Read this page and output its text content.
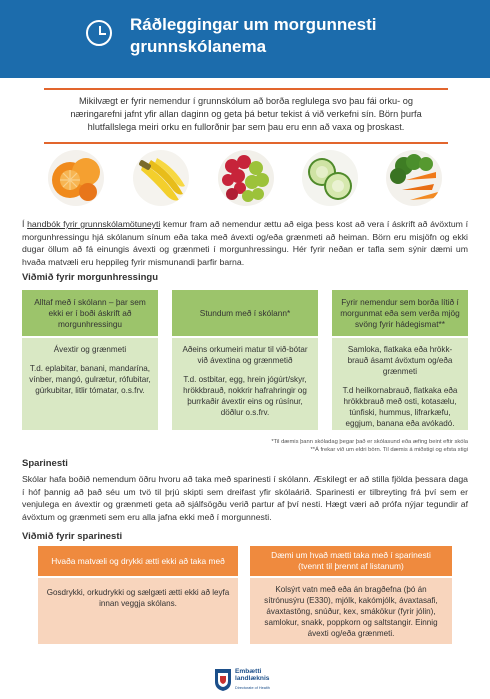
Ráðleggingar um morgunnesti grunnskólanema
Mikilvægt er fyrir nemendur í grunnskólum að borða reglulega svo þau fái orku- og næringarefni jafnt yfir allan daginn og geta þá betur tekist á við verkefni sín. Börn þurfa hlutfallslega meiri orku en fullorðnir þar sem þau eru enn að vaxa og þroskast.
Í handbók fyrir grunnskólamötuneyti kemur fram að nemendur ættu að eiga þess kost að vera í áskrift að ávöxtum í morgunhressingu hjá skólanum sínum eða taka með ávexti og/eða grænmeti að heiman. Börn eru misjöfn og ekki dugar öllum að fá einungis ávexti og grænmeti í morgunhressingu. Hér fyrir neðan er tafla sem sýnir dæmi um hvaða matvæli eru heppileg fyrir mismunandi þarfir barna.
Viðmið fyrir morgunhressingu
Alltaf með í skólann – þar sem ekki er í boði áskrift að morgunhressingu

Ávextir og grænmeti

T.d. eplabitar, banani, mandarína, vínber, mangó, gulrætur, rófubitar, gúrkubitar, litlir tómatar, o.s.frv.

Stundum með í skólann*

Aðeins orkumeiri matur til við-bótar við ávextina og grænmetið

T.d. ostbitar, egg, hrein jógúrt/skyr, hrökkbrauð, nokkrir hafrahringir og þurrkaðir ávextir eins og rúsínur, döðlur o.s.frv.

Fyrir nemendur sem borða lítið í morgunmat eða sem verða mjög svöng fyrir hádegismat**

Samloka, flatkaka eða hrökk-brauð ásamt ávöxtum og/eða grænmeti

T.d heilkornabrauð, flatkaka eða hrökkbrauð með osti, kotasælu, túnfiski, hummus, lifrarkæfu, eggjum, banana eða avókadó.

*Til dæmis þann skóladag þegar það er skólasund eða æfing beint eftir skóla
**Á frekar við um eldri börn. Til dæmis á miðstigi og efsta stigi
Sparinesti
Skólar hafa boðið nemendum öðru hvoru að taka með sparinesti í skólann. Æskilegt er að stilla fjölda þessara daga í hóf þannig að það séu um tvö til þrjú skipti sem dreifast yfir skólaárið. Sparinesti er tilbreyting frá því sem er venjulega en ávextir og grænmeti geta að sjálfsögðu verið partur af því nesti. Hægt væri að prófa nýjar tegundir af ávöxtum og grænmeti sem eru alla jafna ekki með í morgunnesti.
Viðmið fyrir sparinesti
Hvaða matvæli og drykki ætti ekki að taka með
Gosdrykki, orkudrykki og sælgæti ætti ekki að leyfa innan veggja skólans.
Dæmi um hvað mætti taka með í sparinesti (tvennt til þrennt af listanum)
Kolsýrt vatn með eða án bragðefna (þó án sítrónusýru (E330), mjólk, kakómjólk, ávaxtasafi, ávaxtastöng, snúður, kex, smákökur (fyrir jólin), samlokur, snakk, poppkorn og saltstangir. Einnig ávexti og/eða grænmeti.
Embætti
landlæknis
Directorate of Health
